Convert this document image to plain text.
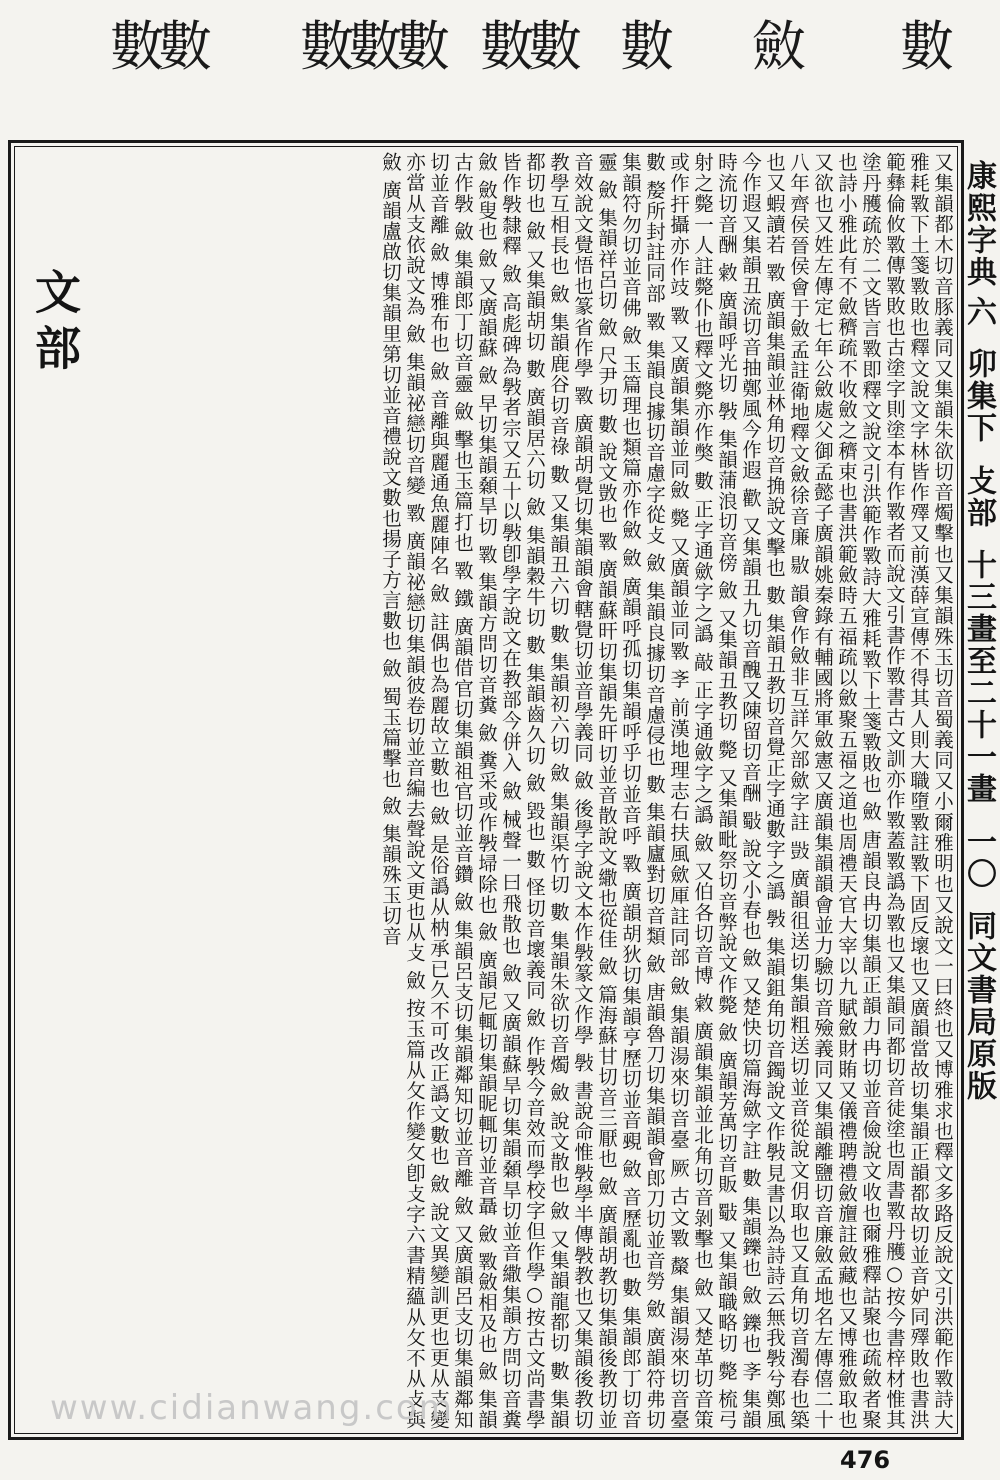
數
斂
數
數數
數數數
數數
康熙字典六 卯集下 攴部 十三畫至二十一畫 一〇 同文書局原版
又集韻都木切音豚義同又集韻朱欲切音燭擊也又集韻殊玉切音蜀義同又小爾雅明也又說文一曰終也又博雅求也釋文多路反說文引洪範作斁詩大雅耗斁下土箋斁敗也釋文說文字林皆作殬又前漢薛宣傳不得其人則大職墮斁註斁下固反壞也又廣韻當故切集韻正韻都故切並音妒同殬敗也書洪範彝倫攸斁傳斁敗也古塗字則塗本有作斁者而說文引書作斁書古文訓亦作斁蓋斁譌為斁也又集韻同都切音徒塗也周書斁丹雘○按今書梓材惟其塗丹雘疏於二文皆言斁即釋文說文引洪範作斁詩大雅耗斁下土箋斁敗也 斂 唐韻良冉切集韻正韻力冉切並音儉說文收也爾雅釋詁聚也疏斂者聚也詩小雅此有不斂穧疏不收斂之穧束也書洪範斂時五福疏以斂聚五福之道也周禮天官大宰以九賦斂財賄又儀禮聘禮斂旜註斂藏也又博雅斂取也又欲也又姓左傳定七年公斂處父御孟懿子廣韻姚秦錄有輔國將軍斂憲又廣韻集韻韻會並力驗切音殮義同又集韻離鹽切音廉斂孟地名左傳僖二十八年齊侯晉侯會于斂孟註衛地釋文斂徐音廉 敭 韻會作斂非互詳欠部歛字註 敱 廣韻徂送切集韻粗送切並音從說文仴取也又直角切音濁春也築也又蝦讀若 斁 廣韻集韻並林角切音捔說文擊也 數 集韻丑教切音覺正字通數字之譌 斅 集韻鉏角切音鐲說文作斅見書以為詩詩云無我斅兮鄭風今作遐又集韻丑流切音抽鄭風今作遐 歡 又集韻丑九切音醜又陳留切音酬 斀 說文小春也 斂 又楚快切篇海歛字註 數 集韻鑠也 斂 鑠也 斈 集韻時流切音酬 敹 廣韻呼光切 斅 集韻蒲浪切音傍 斂 又集韻丑教切 斃 又集韻毗祭切音弊說文作斃 斂 廣韻芳萬切音販 斀 又集韻職略切 斃 梳弓射之斃一人註斃仆也釋文斃亦作獘 數 正字通歛字之譌 敲 正字通斂字之譌 斂 又伯各切音博 敹 廣韻集韻並北角切音剝擊也 斂 又楚革切音策或作扞攝亦作攱 斁 又廣韻集韻並同斂 斃 又廣韻並同斁 斈 前漢地理志右扶風歛厙註同部 斂 集韻湯來切音臺 厥 古文斁 斄 集韻湯來切音臺 數 嫠所封註同部 斁 集韻良據切音慮字從攴 斂 集韻良據切音慮侵也 數 集韻廬對切音類 斂 唐韻魯刀切集韻韻會郎刀切並音勞 斂 廣韻符弗切集韻符勿切並音佛 斂 玉篇理也類篇亦作斂 斂 廣韻呼孤切集韻呼乎切並音呼 斁 廣韻胡狄切集韻亨歷切並音覡 斂 音歷亂也 數 集韻郎丁切音靈 斂 集韻祥呂切 斂 尺尹切 數 說文敳也 斁 廣韻蘇旰切集韻先旰切並音散說文繖也從佳 斂 篇海蘇甘切音三厭也 斂 廣韻胡教切集韻後教切並音效說文覺悟也篆省作學 斁 廣韻胡覺切集韻韻會轄覺切並音學義同 斂 後學字說文本作斅篆文作學 斅 書說命惟斅學半傳斅教也又集韻後教切 教學互相長也 斂 集韻鹿谷切音祿 數 又集韻丑六切 數 集韻初六切 斂 集韻渠竹切 數 集韻朱欲切音燭 斂 說文散也 斂 又集韻龍都切 數 集韻都切也 斂 又集韻胡切 數 廣韻居六切 斂 集韻穀牛切 數 集韻齒久切 斂 毀也 數 怪切音壞義同 斂 作斅今音效而學校字但作學○按古文尚書學皆作斅隸釋 斂 高彪碑為斅者宗又五十以斅卽學字說文在教部今併入 斂 械聲一曰飛散也 斂 又廣韻蘇旱切集韻顙旱切並音繖集韻方問切音糞 斂 斂叟也 斂 又廣韻蘇 斂 早切集韻顙旱切 斁 集韻方問切音糞 斂 糞采或作斅埽除也 斂 廣韻尼輒切集韻昵輒切並音聶 斂 斁斂相及也 斂 集韻古作斅 斂 集韻郎丁切音靈 斂 擊也玉篇打也 斁 鐵 廣韻借官切集韻祖官切並音鑽 斂 集韻呂支切集韻鄰知切並音離 斂 又廣韻呂支切集韻鄰知切並音離 斂 博雅布也 斂 音離與麗通魚麗陣名 斂 註偶也為麗故立數也 斂 是俗譌从枘承已久不可改正譌文數也 斂 說文異變訓更也更从支變亦當从支依說文為 斂 集韻祕戀切音變 斁 廣韻祕戀切集韻彼卷切並音編去聲說文更也从攴 斂 按玉篇从攵作變攵卽攴字六書精蘊从攵不从攴與 斂 廣韻盧啟切集韻里第切並音禮說文數也揚子方言數也 斂 蜀玉篇擊也 斂 集韻殊玉切音
文部
www.cidianwang.com
476
